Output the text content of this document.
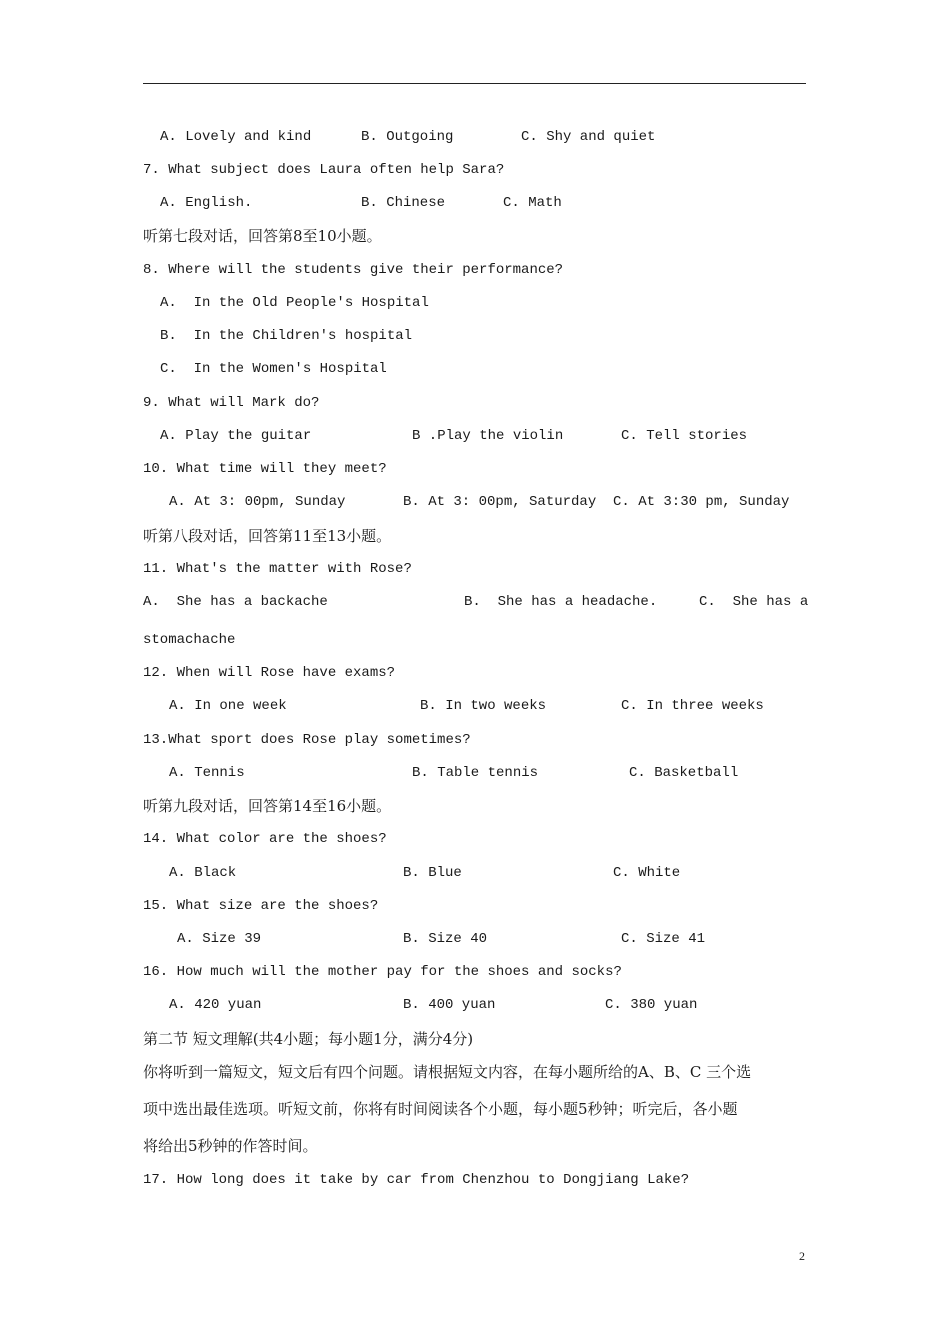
A. Lovely and kind	B. Outgoing	C. Shy and quiet
7. What subject does Laura often help Sara?
A. English.	B. Chinese	C. Math
听第七段对话，回答第8至10小题。
8. Where will the students give their performance?
A.  In the Old People's Hospital
B.  In the Children's hospital
C.  In the Women's Hospital
9. What will Mark do?
A. Play the guitar	B .Play the violin	C. Tell stories
10. What time will they meet?
A. At 3: 00pm, Sunday	B. At 3: 00pm, Saturday C. At 3:30 pm, Sunday
听第八段对话，回答第11至13小题。
11. What's the matter with Rose?
A.  She has a backache	B.  She has a headache.	C.  She has a
stomachache
12. When will Rose have exams?
A. In one week	B. In two weeks	C. In three weeks
13.What sport does Rose play sometimes?
A. Tennis	B. Table tennis	C. Basketball
听第九段对话，回答第14至16小题。
14. What color are the shoes?
A. Black	B. Blue	C. White
15. What size are the shoes?
A. Size 39	B. Size 40	C. Size 41
16. How much will the mother pay for the shoes and socks?
A. 420 yuan	B. 400 yuan	C. 380 yuan
第二节 短文理解(共4小题；每小题1分，满分4分)
你将听到一篇短文，短文后有四个问题。请根据短文内容，在每小题所给的A、B、C 三个选
项中选出最佳选项。听短文前，你将有时间阅读各个小题，每小题5秒钟；听完后，各小题
将给出5秒钟的作答时间。
17. How long does it take by car from Chenzhou to Dongjiang Lake?
2
